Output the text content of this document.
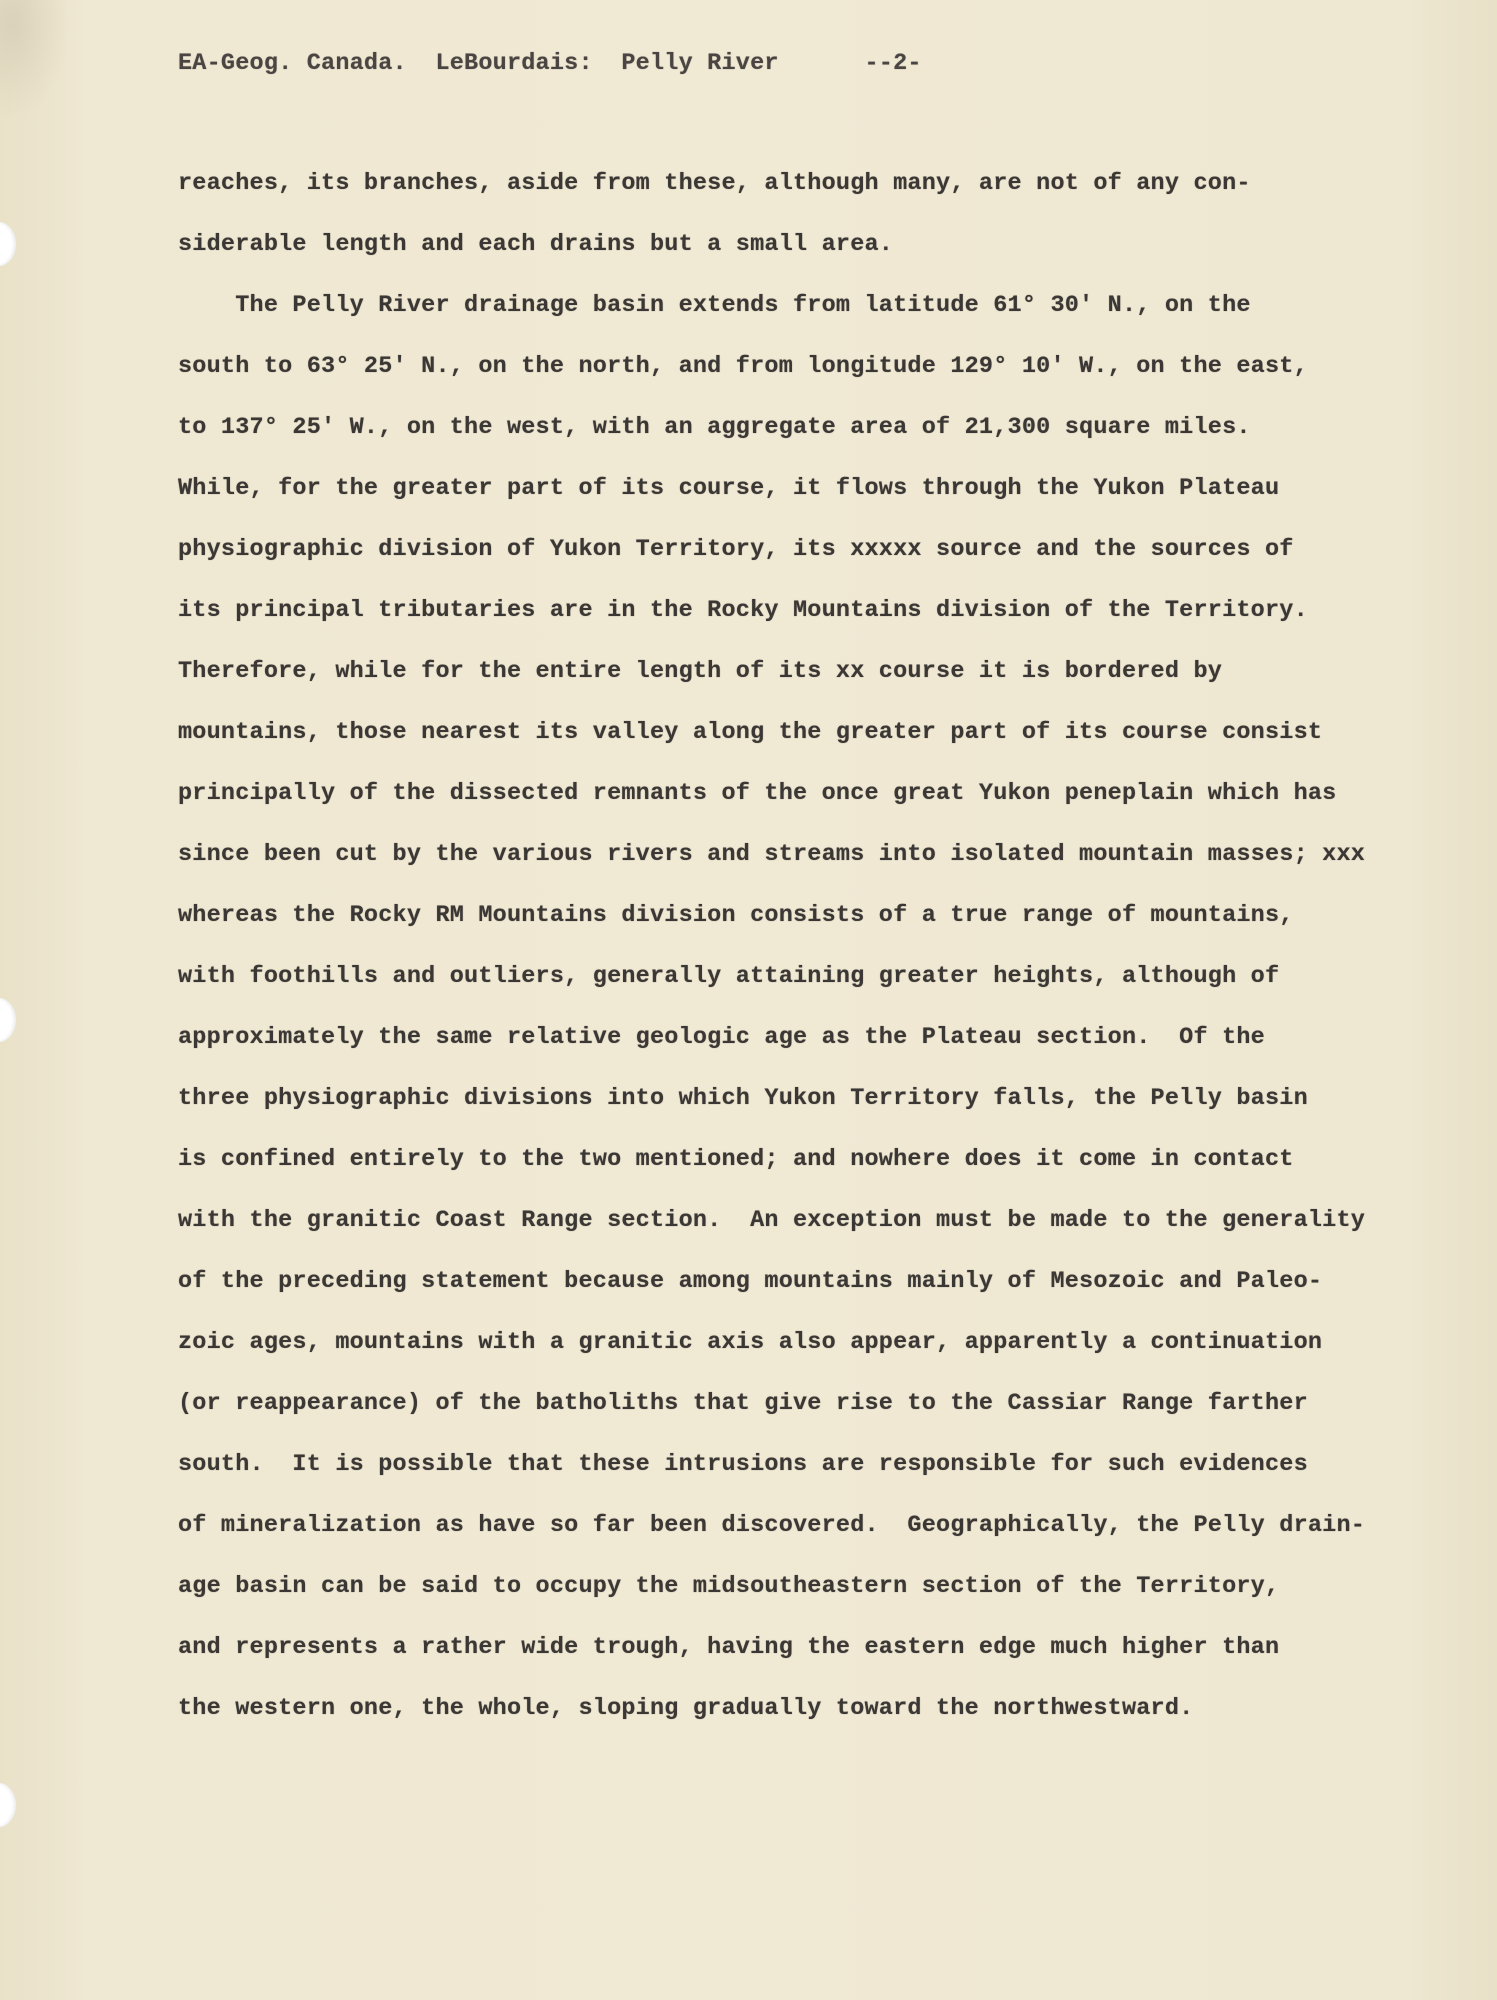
EA-Geog. Canada.  LeBourdais:  Pelly River      --2-

reaches, its branches, aside from these, although many, are not of any con-

siderable length and each drains but a small area.

The Pelly River drainage basin extends from latitude 61° 30' N., on the

south to 63° 25' N., on the north, and from longitude 129° 10' W., on the east,

to 137° 25' W., on the west, with an aggregate area of 21,300 square miles.

While, for the greater part of its course, it flows through the Yukon Plateau

physiographic division of Yukon Territory, its xxxxx source and the sources of

its principal tributaries are in the Rocky Mountains division of the Territory.

Therefore, while for the entire length of its xx course it is bordered by

mountains, those nearest its valley along the greater part of its course consist

principally of the dissected remnants of the once great Yukon peneplain which has

since been cut by the various rivers and streams into isolated mountain masses; xxx

whereas the Rocky RM Mountains division consists of a true range of mountains,

with foothills and outliers, generally attaining greater heights, although of

approximately the same relative geologic age as the Plateau section.  Of the

three physiographic divisions into which Yukon Territory falls, the Pelly basin

is confined entirely to the two mentioned; and nowhere does it come in contact

with the granitic Coast Range section.  An exception must be made to the generality

of the preceding statement because among mountains mainly of Mesozoic and Paleo-

zoic ages, mountains with a granitic axis also appear, apparently a continuation

(or reappearance) of the batholiths that give rise to the Cassiar Range farther

south.  It is possible that these intrusions are responsible for such evidences

of mineralization as have so far been discovered.  Geographically, the Pelly drain-

age basin can be said to occupy the midsoutheastern section of the Territory,

and represents a rather wide trough, having the eastern edge much higher than

the western one, the whole, sloping gradually toward the northwestward.
